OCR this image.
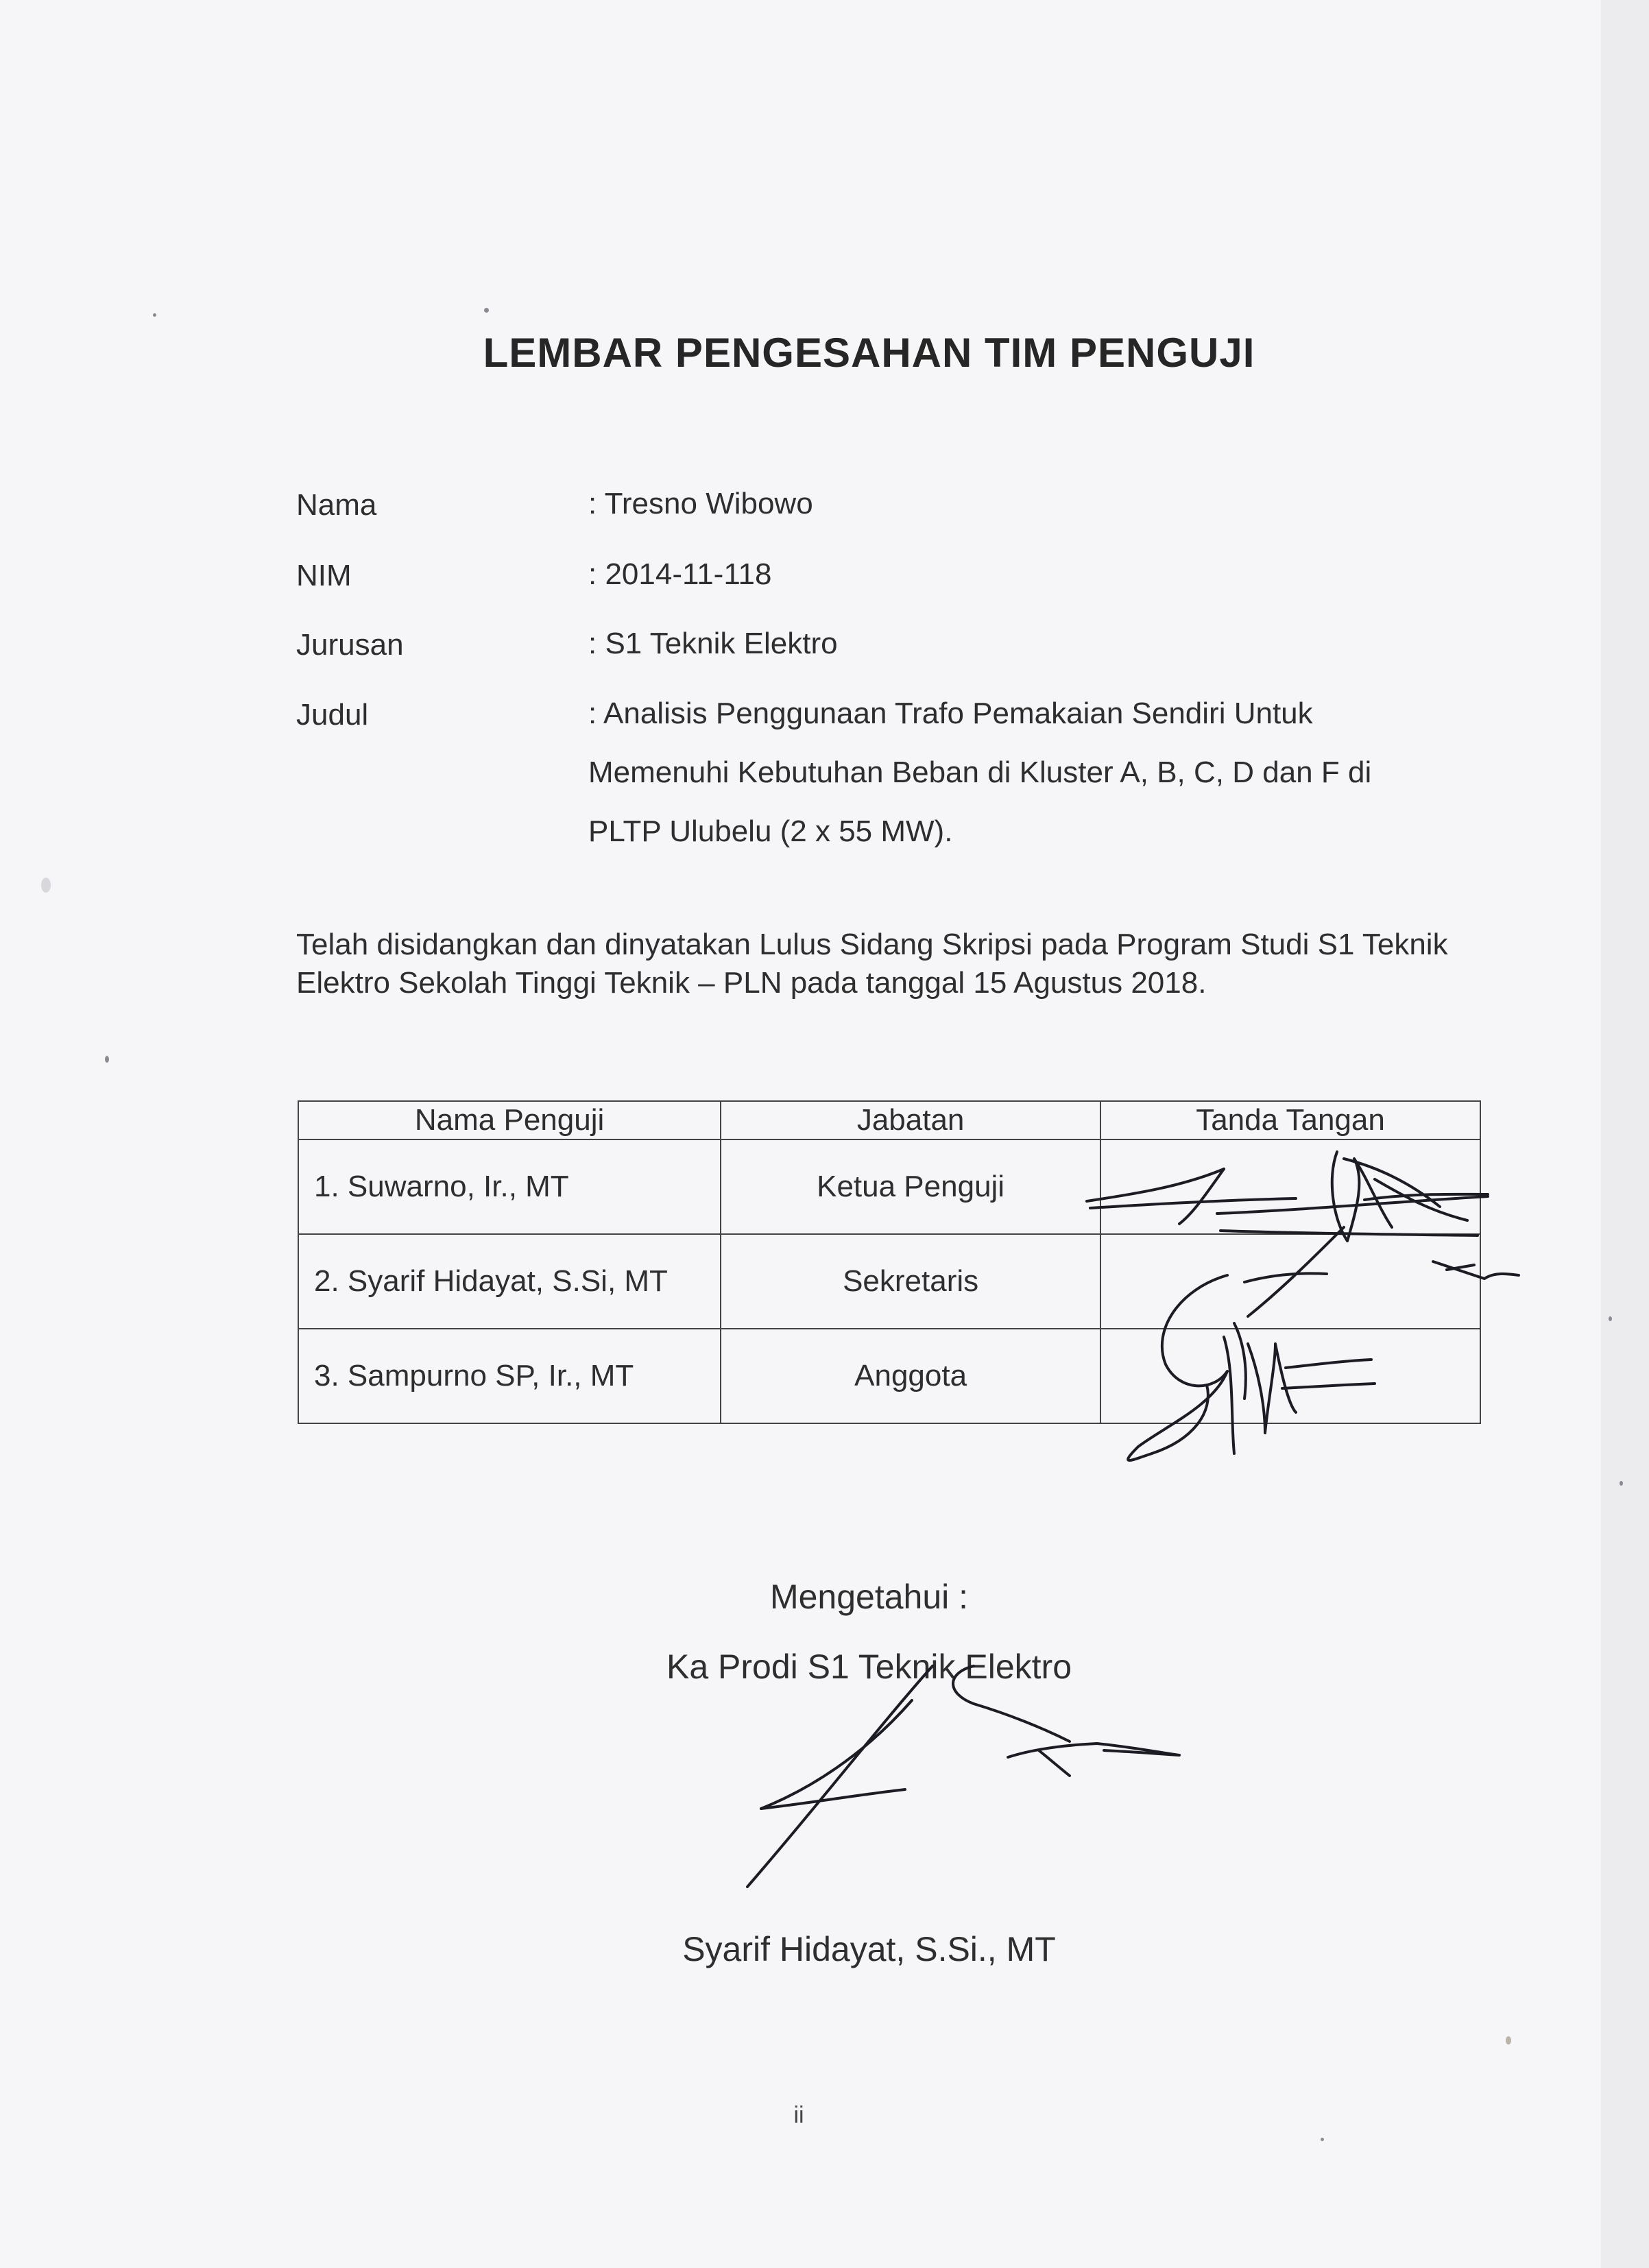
LEMBAR PENGESAHAN TIM PENGUJI
Nama	: Tresno Wibowo
NIM	: 2014-11-118
Jurusan	: S1 Teknik Elektro
Judul	: Analisis Penggunaan Trafo Pemakaian Sendiri Untuk Memenuhi Kebutuhan Beban di Kluster A, B, C, D dan F di PLTP Ulubelu (2 x 55 MW).
Telah disidangkan dan dinyatakan Lulus Sidang Skripsi pada Program Studi S1 Teknik Elektro Sekolah Tinggi Teknik – PLN pada tanggal 15 Agustus 2018.
Nama Penguji	Jabatan	Tanda Tangan
1. Suwarno, Ir., MT	Ketua Penguji	
2. Syarif Hidayat, S.Si, MT	Sekretaris	
3. Sampurno SP, Ir., MT	Anggota	
Mengetahui :
Ka Prodi S1 Teknik Elektro
Syarif Hidayat, S.Si., MT
ii
